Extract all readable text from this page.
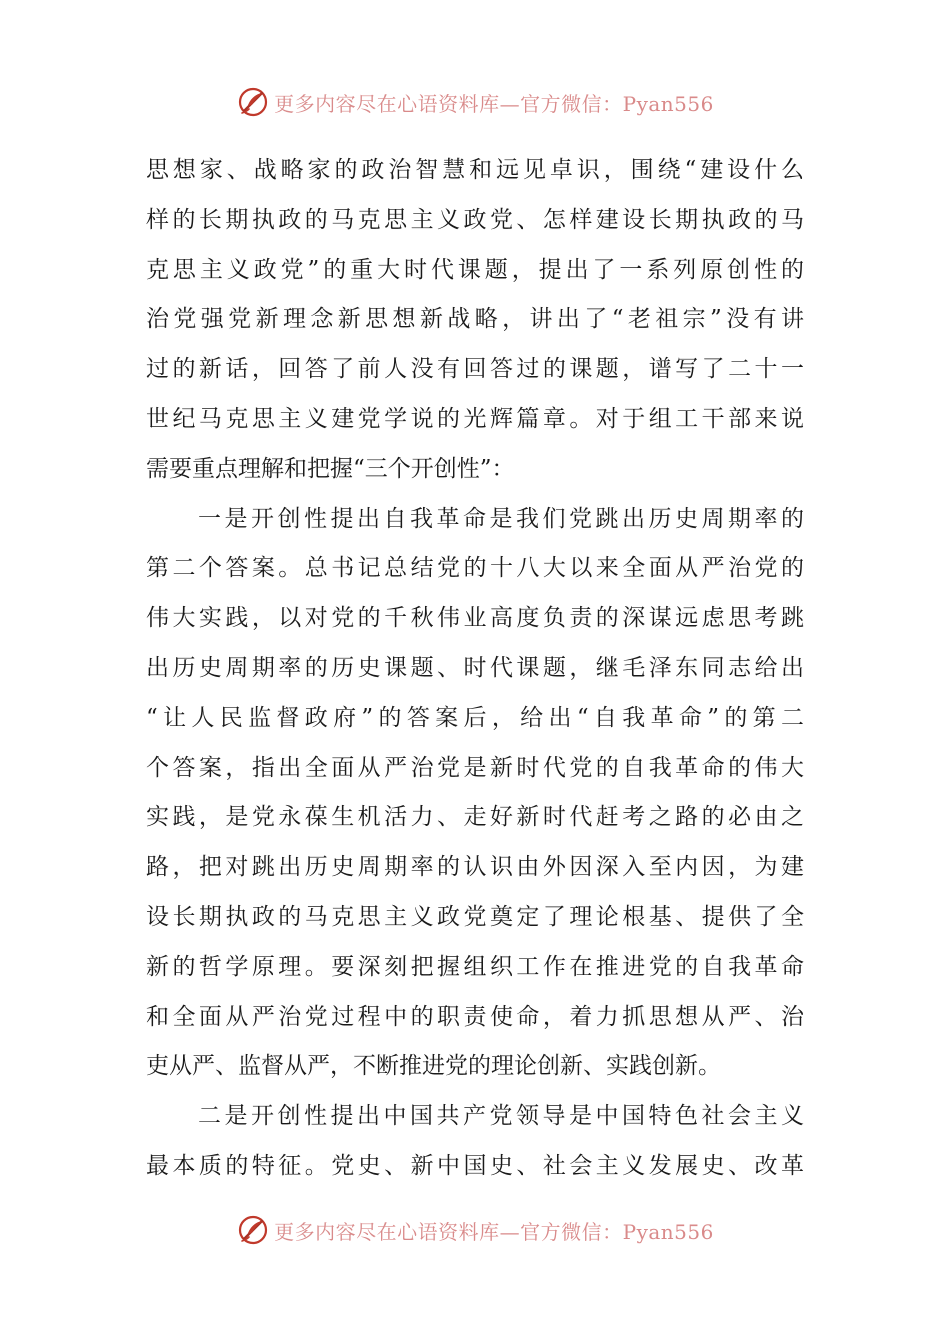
更多内容尽在心语资料库—官方微信：Pyan556
思想家、战略家的政治智慧和远见卓识，围绕“建设什么
样的长期执政的马克思主义政党、怎样建设长期执政的马
克思主义政党”的重大时代课题，提出了一系列原创性的
治党强党新理念新思想新战略，讲出了“老祖宗”没有讲
过的新话，回答了前人没有回答过的课题，谱写了二十一
世纪马克思主义建党学说的光辉篇章。对于组工干部来说
需要重点理解和把握“三个开创性”：
一是开创性提出自我革命是我们党跳出历史周期率的
第二个答案。总书记总结党的十八大以来全面从严治党的
伟大实践，以对党的千秋伟业高度负责的深谋远虑思考跳
出历史周期率的历史课题、时代课题，继毛泽东同志给出
“让人民监督政府”的答案后，给出“自我革命”的第二
个答案，指出全面从严治党是新时代党的自我革命的伟大
实践，是党永葆生机活力、走好新时代赶考之路的必由之
路，把对跳出历史周期率的认识由外因深入至内因，为建
设长期执政的马克思主义政党奠定了理论根基、提供了全
新的哲学原理。要深刻把握组织工作在推进党的自我革命
和全面从严治党过程中的职责使命，着力抓思想从严、治
吏从严、监督从严，不断推进党的理论创新、实践创新。
二是开创性提出中国共产党领导是中国特色社会主义
最本质的特征。党史、新中国史、社会主义发展史、改革
更多内容尽在心语资料库—官方微信：Pyan556
